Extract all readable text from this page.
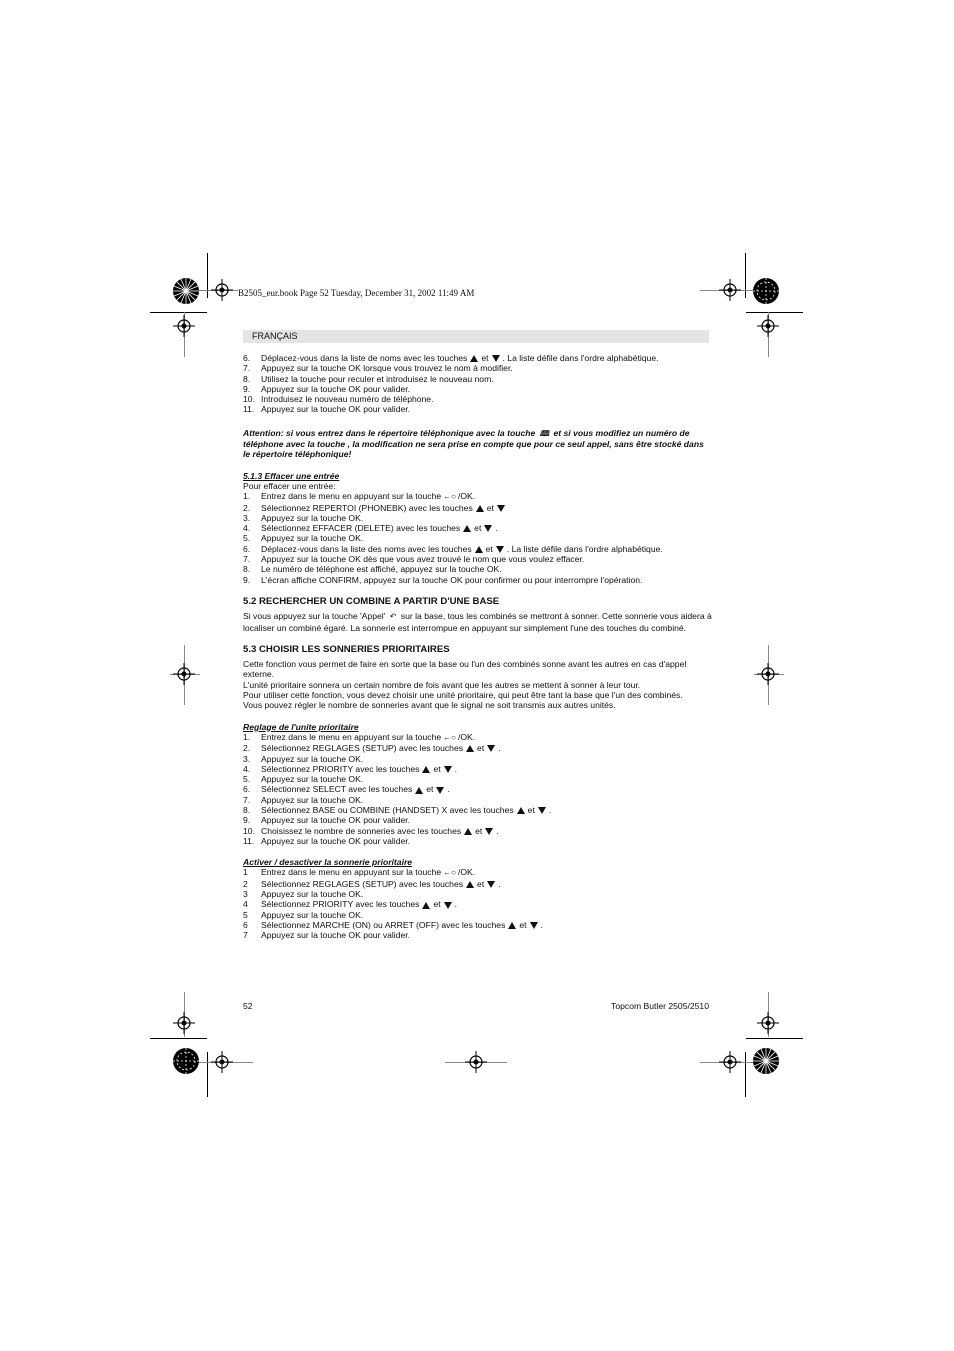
B2505_eur.book Page 52 Tuesday, December 31, 2002 11:49 AM
FRANÇAIS
6.	Déplacez-vous dans la liste de noms avec les touches et . La liste défile dans l'ordre alphabétique.
7.	Appuyez sur la touche OK lorsque vous trouvez le nom à modifier.
8.	Utilisez la touche pour reculer et introduisez le nouveau nom.
9.	Appuyez sur la touche OK pour valider.
10. Introduisez le nouveau numéro de téléphone.
11. Appuyez sur la touche OK pour valider.

Attention: si vous entrez dans le répertoire téléphonique avec la touche 🕮 et si vous modifiez un numéro de téléphone avec la touche , la modification ne sera prise en compte que pour ce seul appel, sans être stocké dans le répertoire téléphonique!

5.1.3 Effacer une entrée

Pour effacer une entrée:

1.	Entrez dans le menu en appuyant sur la touche ←○ /OK.
2.	Sélectionnez REPERTOI (PHONEBK) avec les touches et
3.	Appuyez sur la touche OK.
4.	Sélectionnez EFFACER (DELETE) avec les touches et .
5.	Appuyez sur la touche OK.
6.	Déplacez-vous dans la liste des noms avec les touches et . La liste défile dans l'ordre alphabétique.
7.	Appuyez sur la touche OK dès que vous avez trouvé le nom que vous voulez effacer.
8.	Le numéro de téléphone est affiché, appuyez sur la touche OK.
9.	L'écran affiche CONFIRM, appuyez sur la touche OK pour confirmer ou pour interrompre l'opération.

5.2 RECHERCHER UN COMBINE A PARTIR D'UNE BASE

Si vous appuyez sur la touche 'Appel' ↶ sur la base, tous les combinés se mettront à sonner. Cette sonnerie vous aidera à localiser un combiné égaré. La sonnerie est interrompue en appuyant sur simplement l'une des touches du combiné.

5.3 CHOISIR LES SONNERIES PRIORITAIRES

Cette fonction vous permet de faire en sorte que la base ou l'un des combinés sonne avant les autres en cas d'appel externe.

L'unité prioritaire sonnera un certain nombre de fois avant que les autres se mettent à sonner à leur tour.

Pour utiliser cette fonction, vous devez choisir une unité prioritaire, qui peut être tant la base que l'un des combinés.

Vous pouvez régler le nombre de sonneries avant que le signal ne soit transmis aux autres unités.

Reglage de l'unite prioritaire

1.	Entrez dans le menu en appuyant sur la touche ←○ /OK.
2.	Sélectionnez REGLAGES (SETUP) avec les touches et .
3.	Appuyez sur la touche OK.
4.	Sélectionnez PRIORITY avec les touches et .
5.	Appuyez sur la touche OK.
6.	Sélectionnez SELECT avec les touches et .
7.	Appuyez sur la touche OK.
8.	Sélectionnez BASE ou COMBINE (HANDSET) X avec les touches et .
9.	Appuyez sur la touche OK pour valider.
10. Choisissez le nombre de sonneries avec les touches et .
11. Appuyez sur la touche OK pour valider.

Activer / desactiver la sonnerie prioritaire

1	Entrez dans le menu en appuyant sur la touche ←○ /OK.
2	Sélectionnez REGLAGES (SETUP) avec les touches et .
3	Appuyez sur la touche OK.
4	Sélectionnez PRIORITY avec les touches et .
5	Appuyez sur la touche OK.
6	Sélectionnez MARCHE (ON) ou ARRET (OFF) avec les touches et .
7	Appuyez sur la touche OK pour valider.
52	Topcom Butler 2505/2510
